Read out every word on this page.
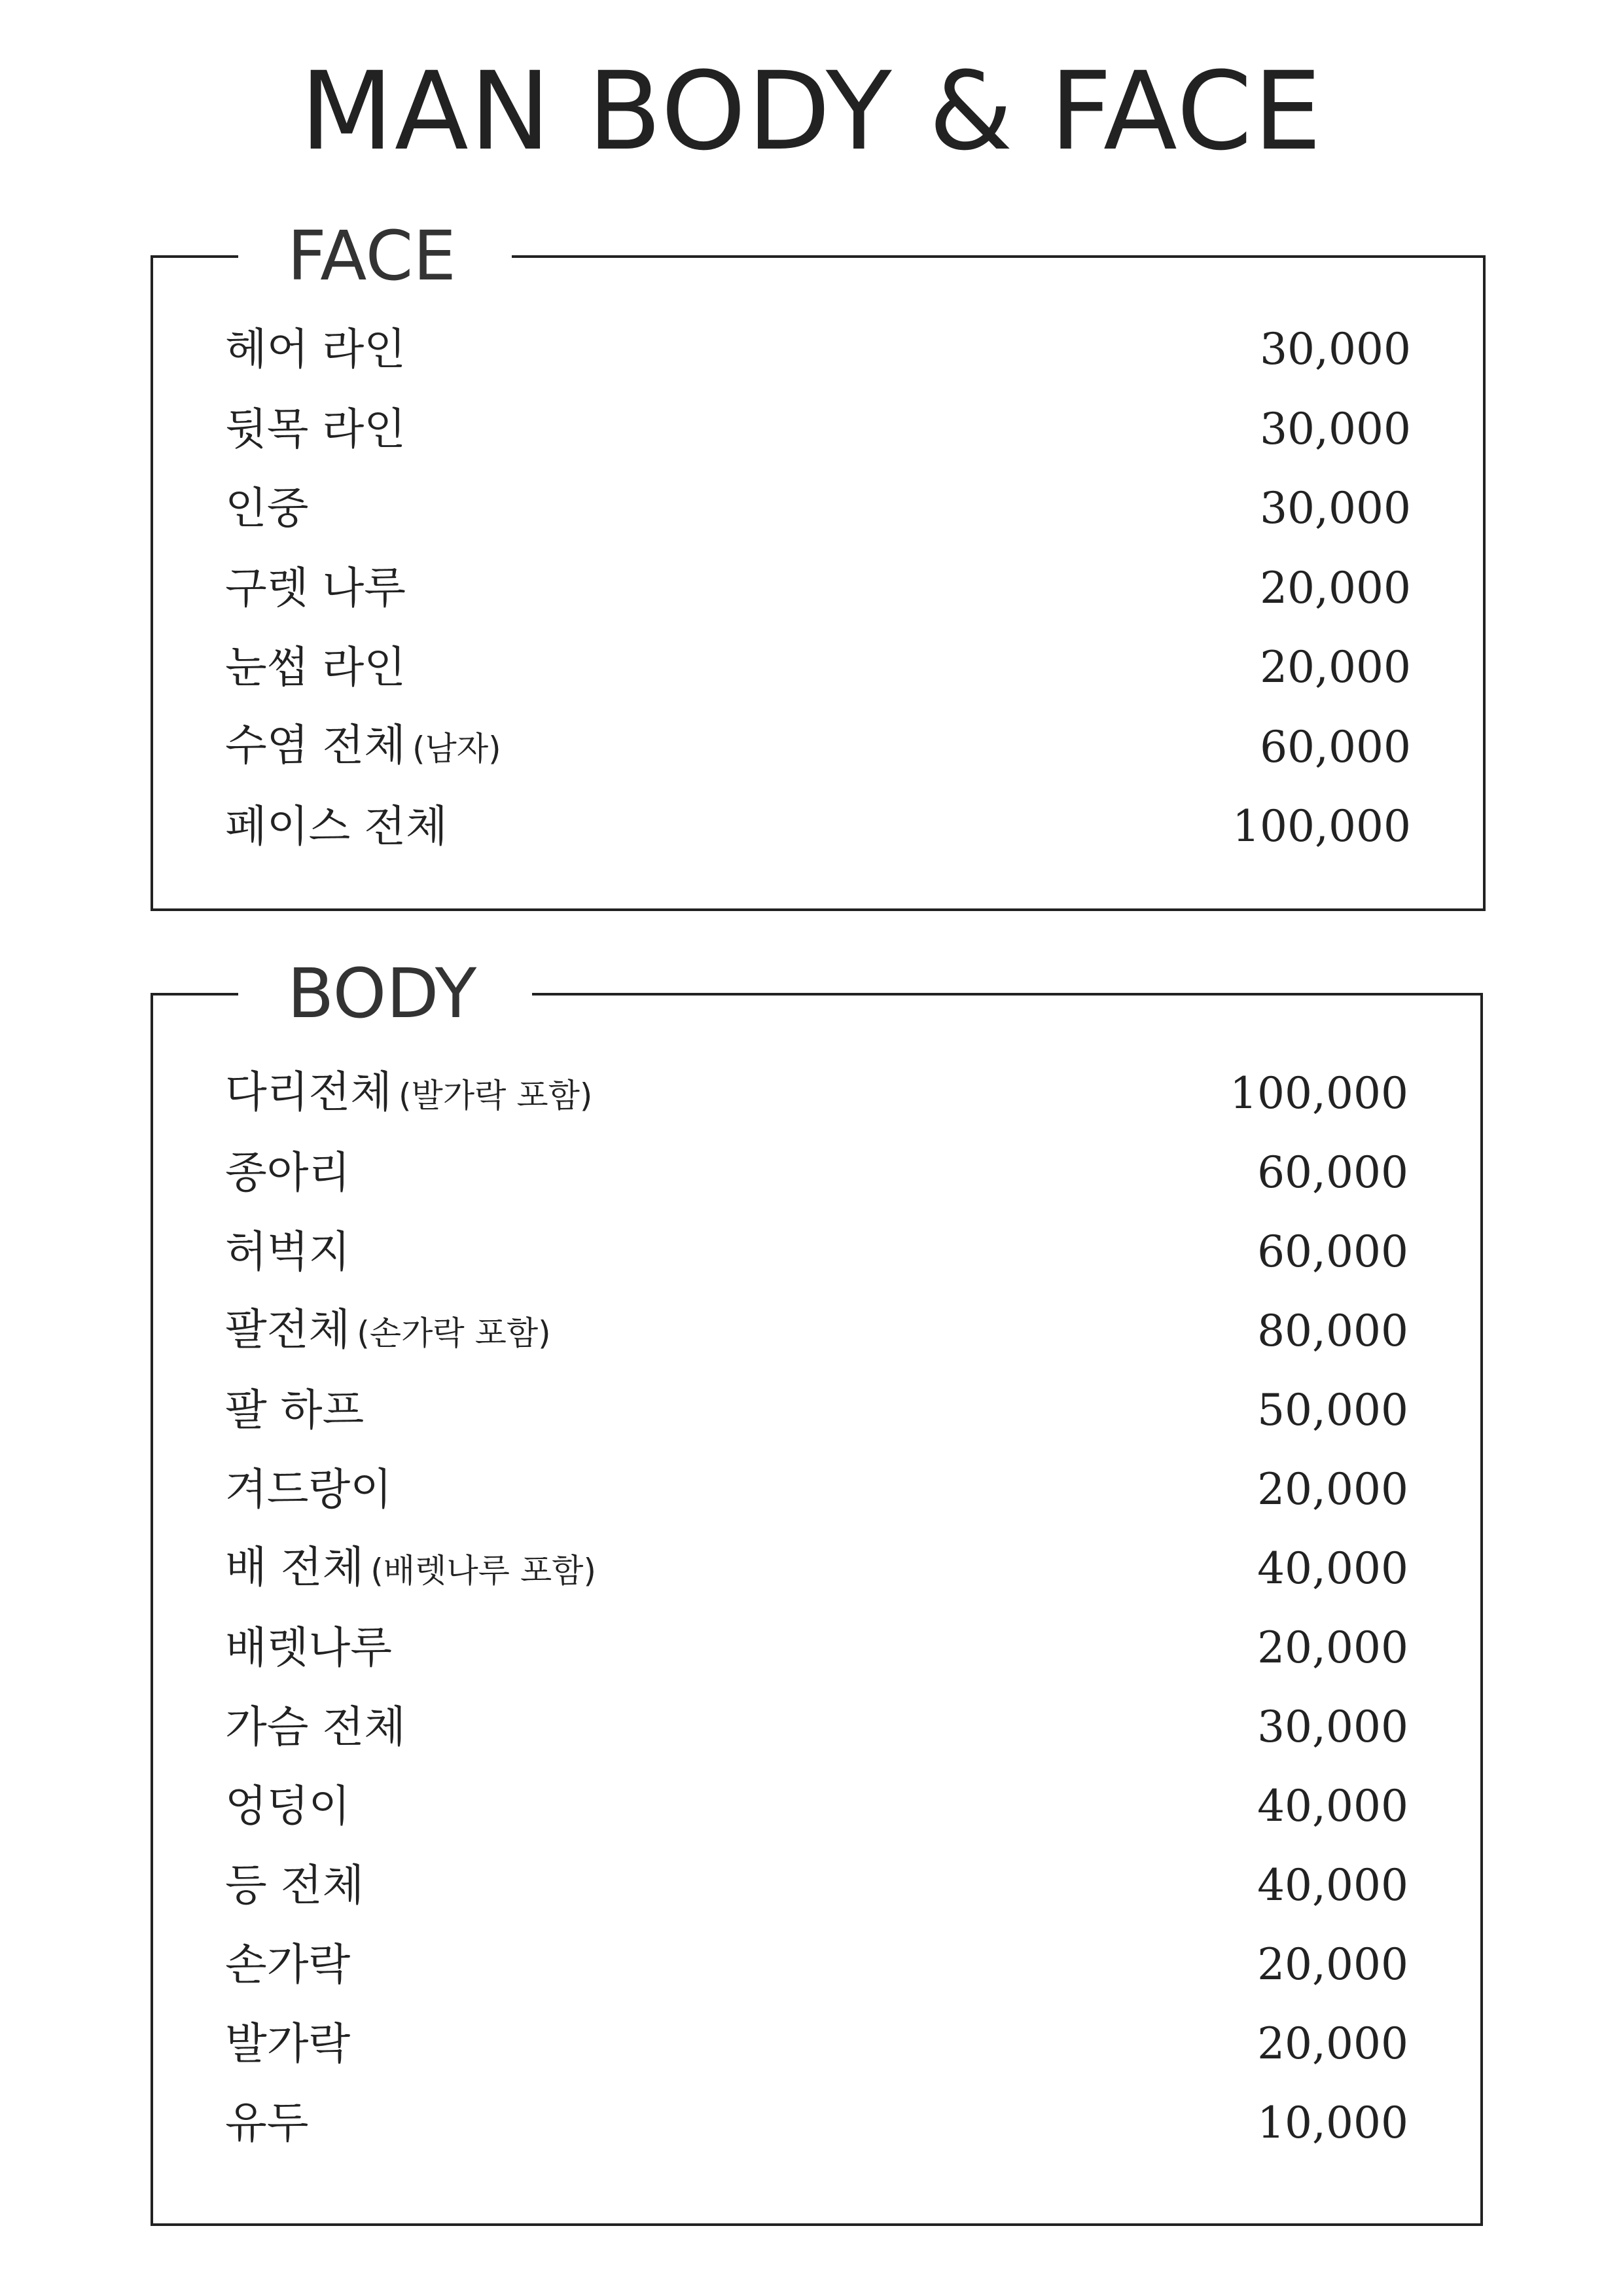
MAN BODY & FACE
FACE
헤어 라인	30,000
뒷목 라인	30,000
인중	30,000
구렛 나루	20,000
눈썹 라인	20,000
수염 전체 (남자)	60,000
페이스 전체	100,000
BODY
다리전체 (발가락 포함)	100,000
종아리	60,000
허벅지	60,000
팔전체 (손가락 포함)	80,000
팔 하프	50,000
겨드랑이	20,000
배 전체 (배렛나루 포함)	40,000
배렛나루	20,000
가슴 전체	30,000
엉덩이	40,000
등 전체	40,000
손가락	20,000
발가락	20,000
유두	10,000
